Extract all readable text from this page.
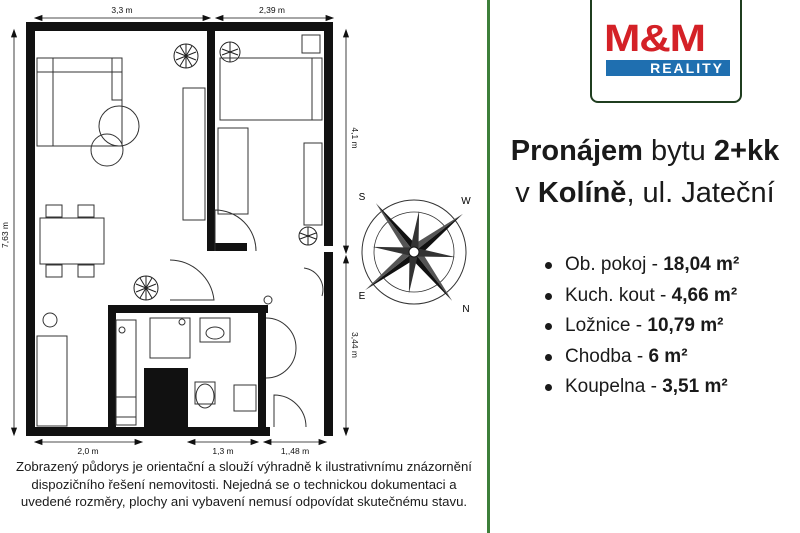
3,3 m	2,39 m
7,63 m
4,1 m
3,44 m
2,0 m	1,3 m	1,,48 m
E
W
N
S
Zobrazený půdorys je orientační a slouží výhradně k ilustrativnímu znázornění dispozičního řešení nemovitosti. Nejedná se o technickou dokumentaci a uvedené rozměry, plochy ani vybavení nemusí odpovídat skutečnému stavu.
M&M
REALITY
Pronájem bytu 2+kk
v Kolíně, ul. Jateční
Ob. pokoj - 18,04 m²
Kuch. kout - 4,66 m²
Ložnice - 10,79 m²
Chodba - 6 m²
Koupelna - 3,51 m²
